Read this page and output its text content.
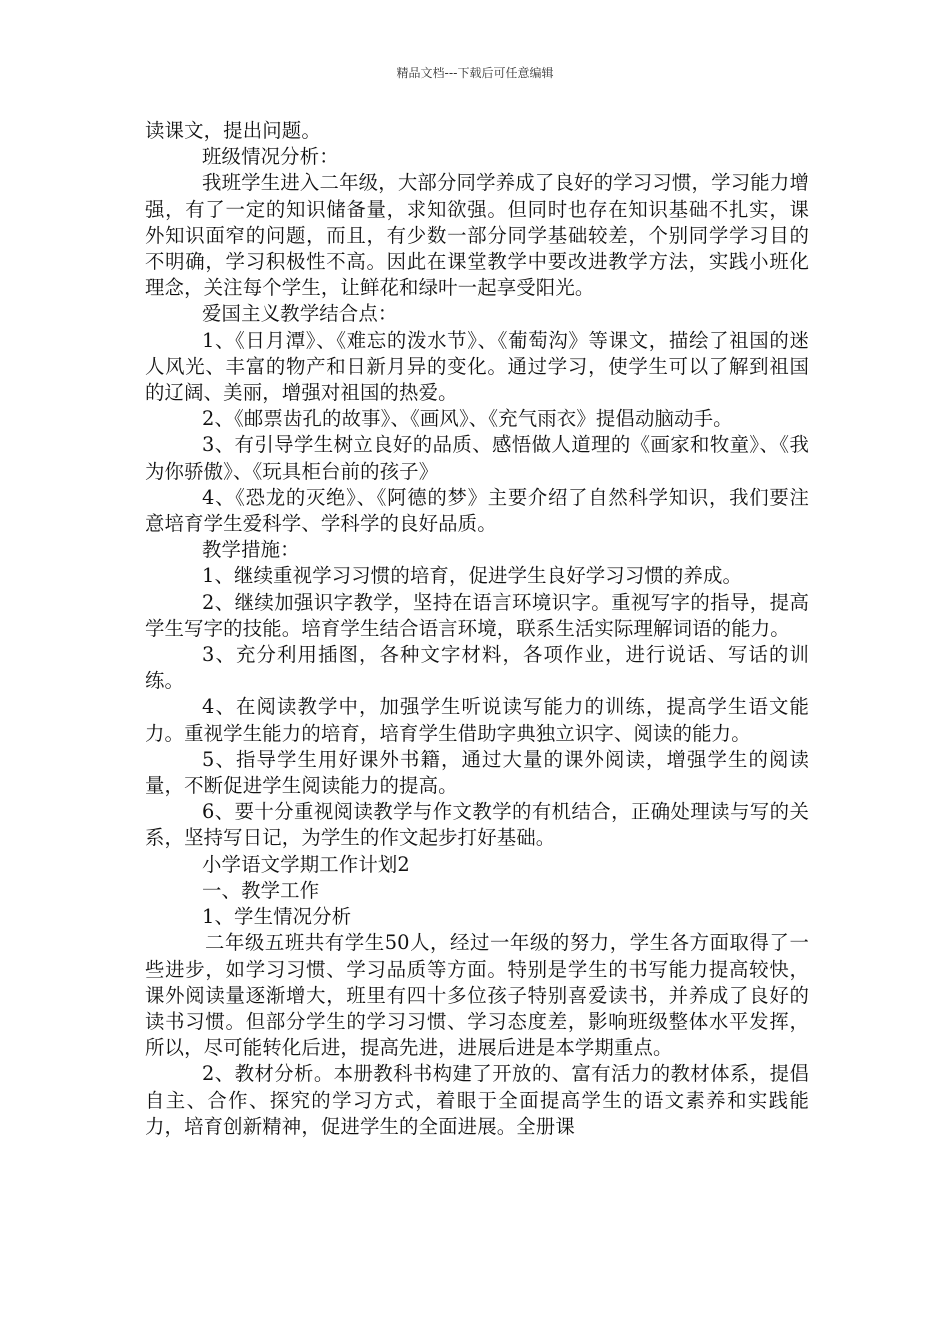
精品文档---下载后可任意编辑

读课文，提出问题。

班级情况分析：

我班学生进入二年级，大部分同学养成了良好的学习习惯，学习能力增强，有了一定的知识储备量，求知欲强。但同时也存在知识基础不扎实，课外知识面窄的问题，而且，有少数一部分同学基础较差，个别同学学习目的不明确，学习积极性不高。因此在课堂教学中要改进教学方法，实践小班化理念，关注每个学生，让鲜花和绿叶一起享受阳光。

爱国主义教学结合点：

1、《日月潭》、《难忘的泼水节》、《葡萄沟》等课文，描绘了祖国的迷人风光、丰富的物产和日新月异的变化。通过学习，使学生可以了解到祖国的辽阔、美丽，增强对祖国的热爱。

2、《邮票齿孔的故事》、《画风》、《充气雨衣》提倡动脑动手。

3、有引导学生树立良好的品质、感悟做人道理的《画家和牧童》、《我为你骄傲》、《玩具柜台前的孩子》

4、《恐龙的灭绝》、《阿德的梦》主要介绍了自然科学知识，我们要注意培育学生爱科学、学科学的良好品质。

教学措施：

1、继续重视学习习惯的培育，促进学生良好学习习惯的养成。

2、继续加强识字教学，坚持在语言环境识字。重视写字的指导，提高学生写字的技能。培育学生结合语言环境，联系生活实际理解词语的能力。

3、充分利用插图，各种文字材料，各项作业，进行说话、写话的训练。

4、在阅读教学中，加强学生听说读写能力的训练，提高学生语文能力。重视学生能力的培育，培育学生借助字典独立识字、阅读的能力。

5、指导学生用好课外书籍，通过大量的课外阅读，增强学生的阅读量，不断促进学生阅读能力的提高。

6、要十分重视阅读教学与作文教学的有机结合，正确处理读与写的关系，坚持写日记，为学生的作文起步打好基础。

小学语文学期工作计划2

一、教学工作

1、学生情况分析

二年级五班共有学生50人，经过一年级的努力，学生各方面取得了一些进步，如学习习惯、学习品质等方面。特别是学生的书写能力提高较快，课外阅读量逐渐增大，班里有四十多位孩子特别喜爱读书，并养成了良好的读书习惯。但部分学生的学习习惯、学习态度差，影响班级整体水平发挥，所以，尽可能转化后进，提高先进，进展后进是本学期重点。

2、教材分析。本册教科书构建了开放的、富有活力的教材体系，提倡自主、合作、探究的学习方式，着眼于全面提高学生的语文素养和实践能力，培育创新精神，促进学生的全面进展。全册课
